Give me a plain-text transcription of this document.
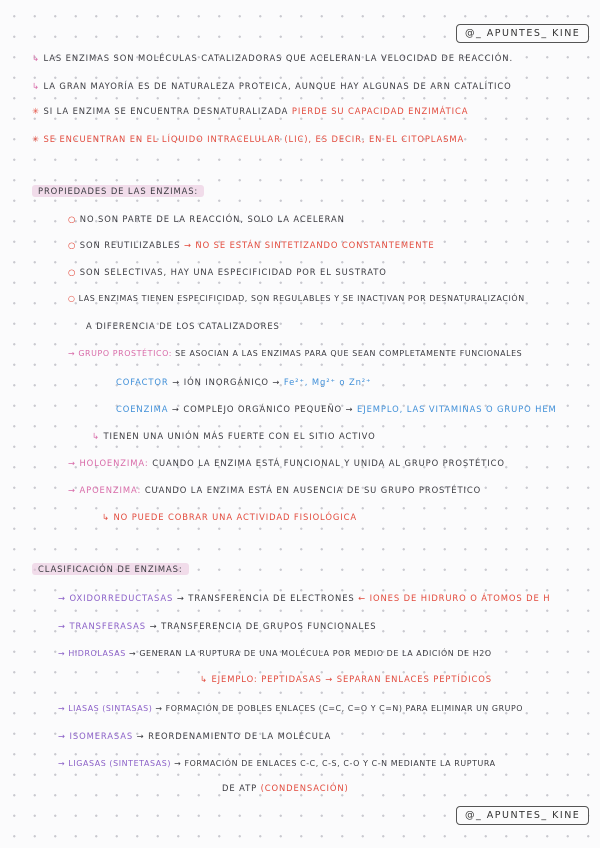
@_ APUNTES_ KINE
↳ LAS ENZIMAS SON MOLÉCULAS CATALIZADORAS QUE ACELERAN LA VELOCIDAD DE REACCIÓN.
↳ LA GRAN MAYORÍA ES DE NATURALEZA PROTEICA, AUNQUE HAY ALGUNAS DE ARN CATALÍTICO
✳ SI LA ENZIMA SE ENCUENTRA DESNATURALIZADA PIERDE SU CAPACIDAD ENZIMÁTICA
✳ SE ENCUENTRAN EN EL LÍQUIDO INTRACELULAR (LIC), ES DECIR, EN EL CITOPLASMA
PROPIEDADES DE LAS ENZIMAS:
○ NO SON PARTE DE LA REACCIÓN, SOLO LA ACELERAN
○ SON REUTILIZABLES → NO SE ESTÁN SINTETIZANDO CONSTANTEMENTE
○ SON SELECTIVAS, HAY UNA ESPECIFICIDAD POR EL SUSTRATO
○ LAS ENZIMAS TIENEN ESPECIFICIDAD, SON REGULABLES Y SE INACTIVAN POR DESNATURALIZACIÓN
A DIFERENCIA DE LOS CATALIZADORES
→ GRUPO PROSTÉTICO: SE ASOCIAN A LAS ENZIMAS PARA QUE SEAN COMPLETAMENTE FUNCIONALES
COFACTOR → IÓN INORGÁNICO → Fe²⁺, Mg²⁺ o Zn²⁺
COENZIMA → COMPLEJO ORGÁNICO PEQUEÑO → EJEMPLO, LAS VITAMINAS O GRUPO HEM
↳ TIENEN UNA UNIÓN MÁS FUERTE CON EL SITIO ACTIVO
→ HOLOENZIMA: CUANDO LA ENZIMA ESTÁ FUNCIONAL Y UNIDA AL GRUPO PROSTÉTICO
→ APOENZIMA: CUANDO LA ENZIMA ESTÁ EN AUSENCIA DE SU GRUPO PROSTÉTICO
↳ NO PUEDE COBRAR UNA ACTIVIDAD FISIOLÓGICA
CLASIFICACIÓN DE ENZIMAS:
→ OXIDORREDUCTASAS → TRANSFERENCIA DE ELECTRONES ← IONES DE HIDRURO O ÁTOMOS DE H
→ TRANSFERASAS → TRANSFERENCIA DE GRUPOS FUNCIONALES
→ HIDROLASAS → GENERAN LA RUPTURA DE UNA MOLÉCULA POR MEDIO DE LA ADICIÓN DE H2O
↳ EJEMPLO: PEPTIDASAS → SEPARAN ENLACES PEPTÍDICOS
→ LIASAS (SINTASAS) → FORMACIÓN DE DOBLES ENLACES (C=C, C=O Y C=N) PARA ELIMINAR UN GRUPO
→ ISOMERASAS → REORDENAMIENTO DE LA MOLÉCULA
→ LIGASAS (SINTETASAS) → FORMACIÓN DE ENLACES C-C, C-S, C-O Y C-N MEDIANTE LA RUPTURA
DE ATP (CONDENSACIÓN)
@_ APUNTES_ KINE
